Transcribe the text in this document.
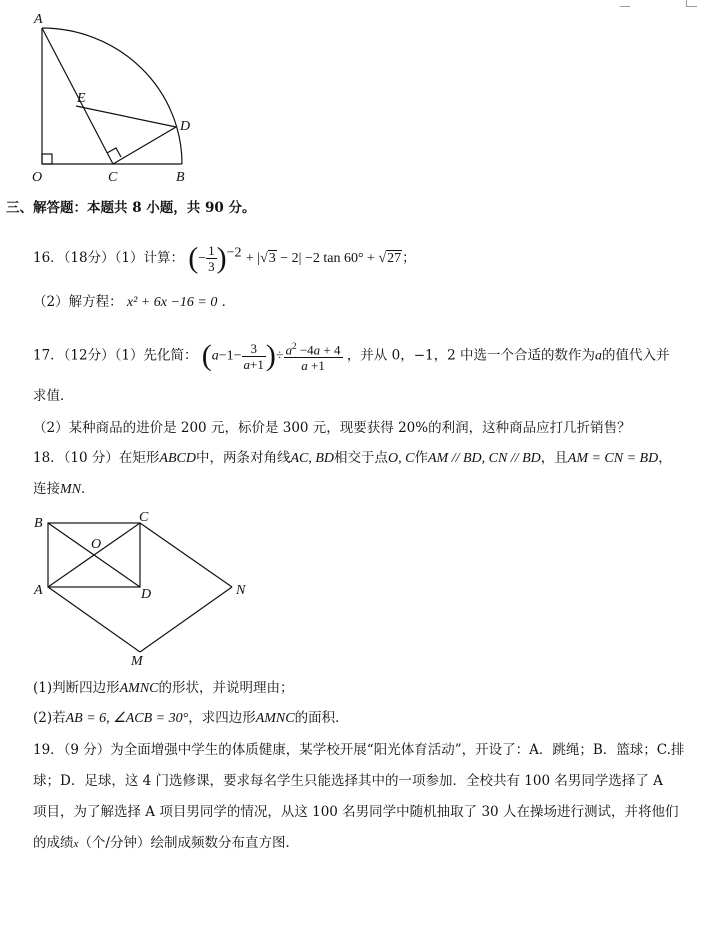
A
E
D
O	C	B
三、解答题：本题共 8 小题，共 90 分。
16．（18分）（1）计算： (− $\frac{1}{3} )^{-2} + |√3 - 2| -2$ tan 60° + √27；
（2）解方程： x² + 6x −16 = 0 ．
17．（12分）（1）先化简： ($a-1- \frac{3}{a+1}$ )÷ $\frac{a^2 -4a + 4}{a +1}$ ，并从 0，−1，2 中选一个合适的数作为a的值代入并
求值．
（2）某种商品的进价是 200 元，标价是 300 元，现要获得 20%的利润，这种商品应打几折销售？
18．（10 分）在矩形ABCD中，两条对角线AC, BD相交于点O, C作AM // BD, CN // BD，且AM = CN = BD，
连接MN．
B	C
O
A	D	N
M
(1)判断四边形AMNC的形状，并说明理由；
(2)若AB = 6, ∠ACB = 30°，求四边形AMNC的面积．
19．（9 分）为全面增强中学生的体质健康，某学校开展“阳光体育活动”，开设了：A．跳绳；B．篮球；C.排
球；D．足球，这 4 门选修课，要求每名学生只能选择其中的一项参加．全校共有 100 名男同学选择了 A
项目，为了解选择 A 项目男同学的情况，从这 100 名男同学中随机抽取了 30 人在操场进行测试，并将他们
的成绩x（个/分钟）绘制成频数分布直方图．
